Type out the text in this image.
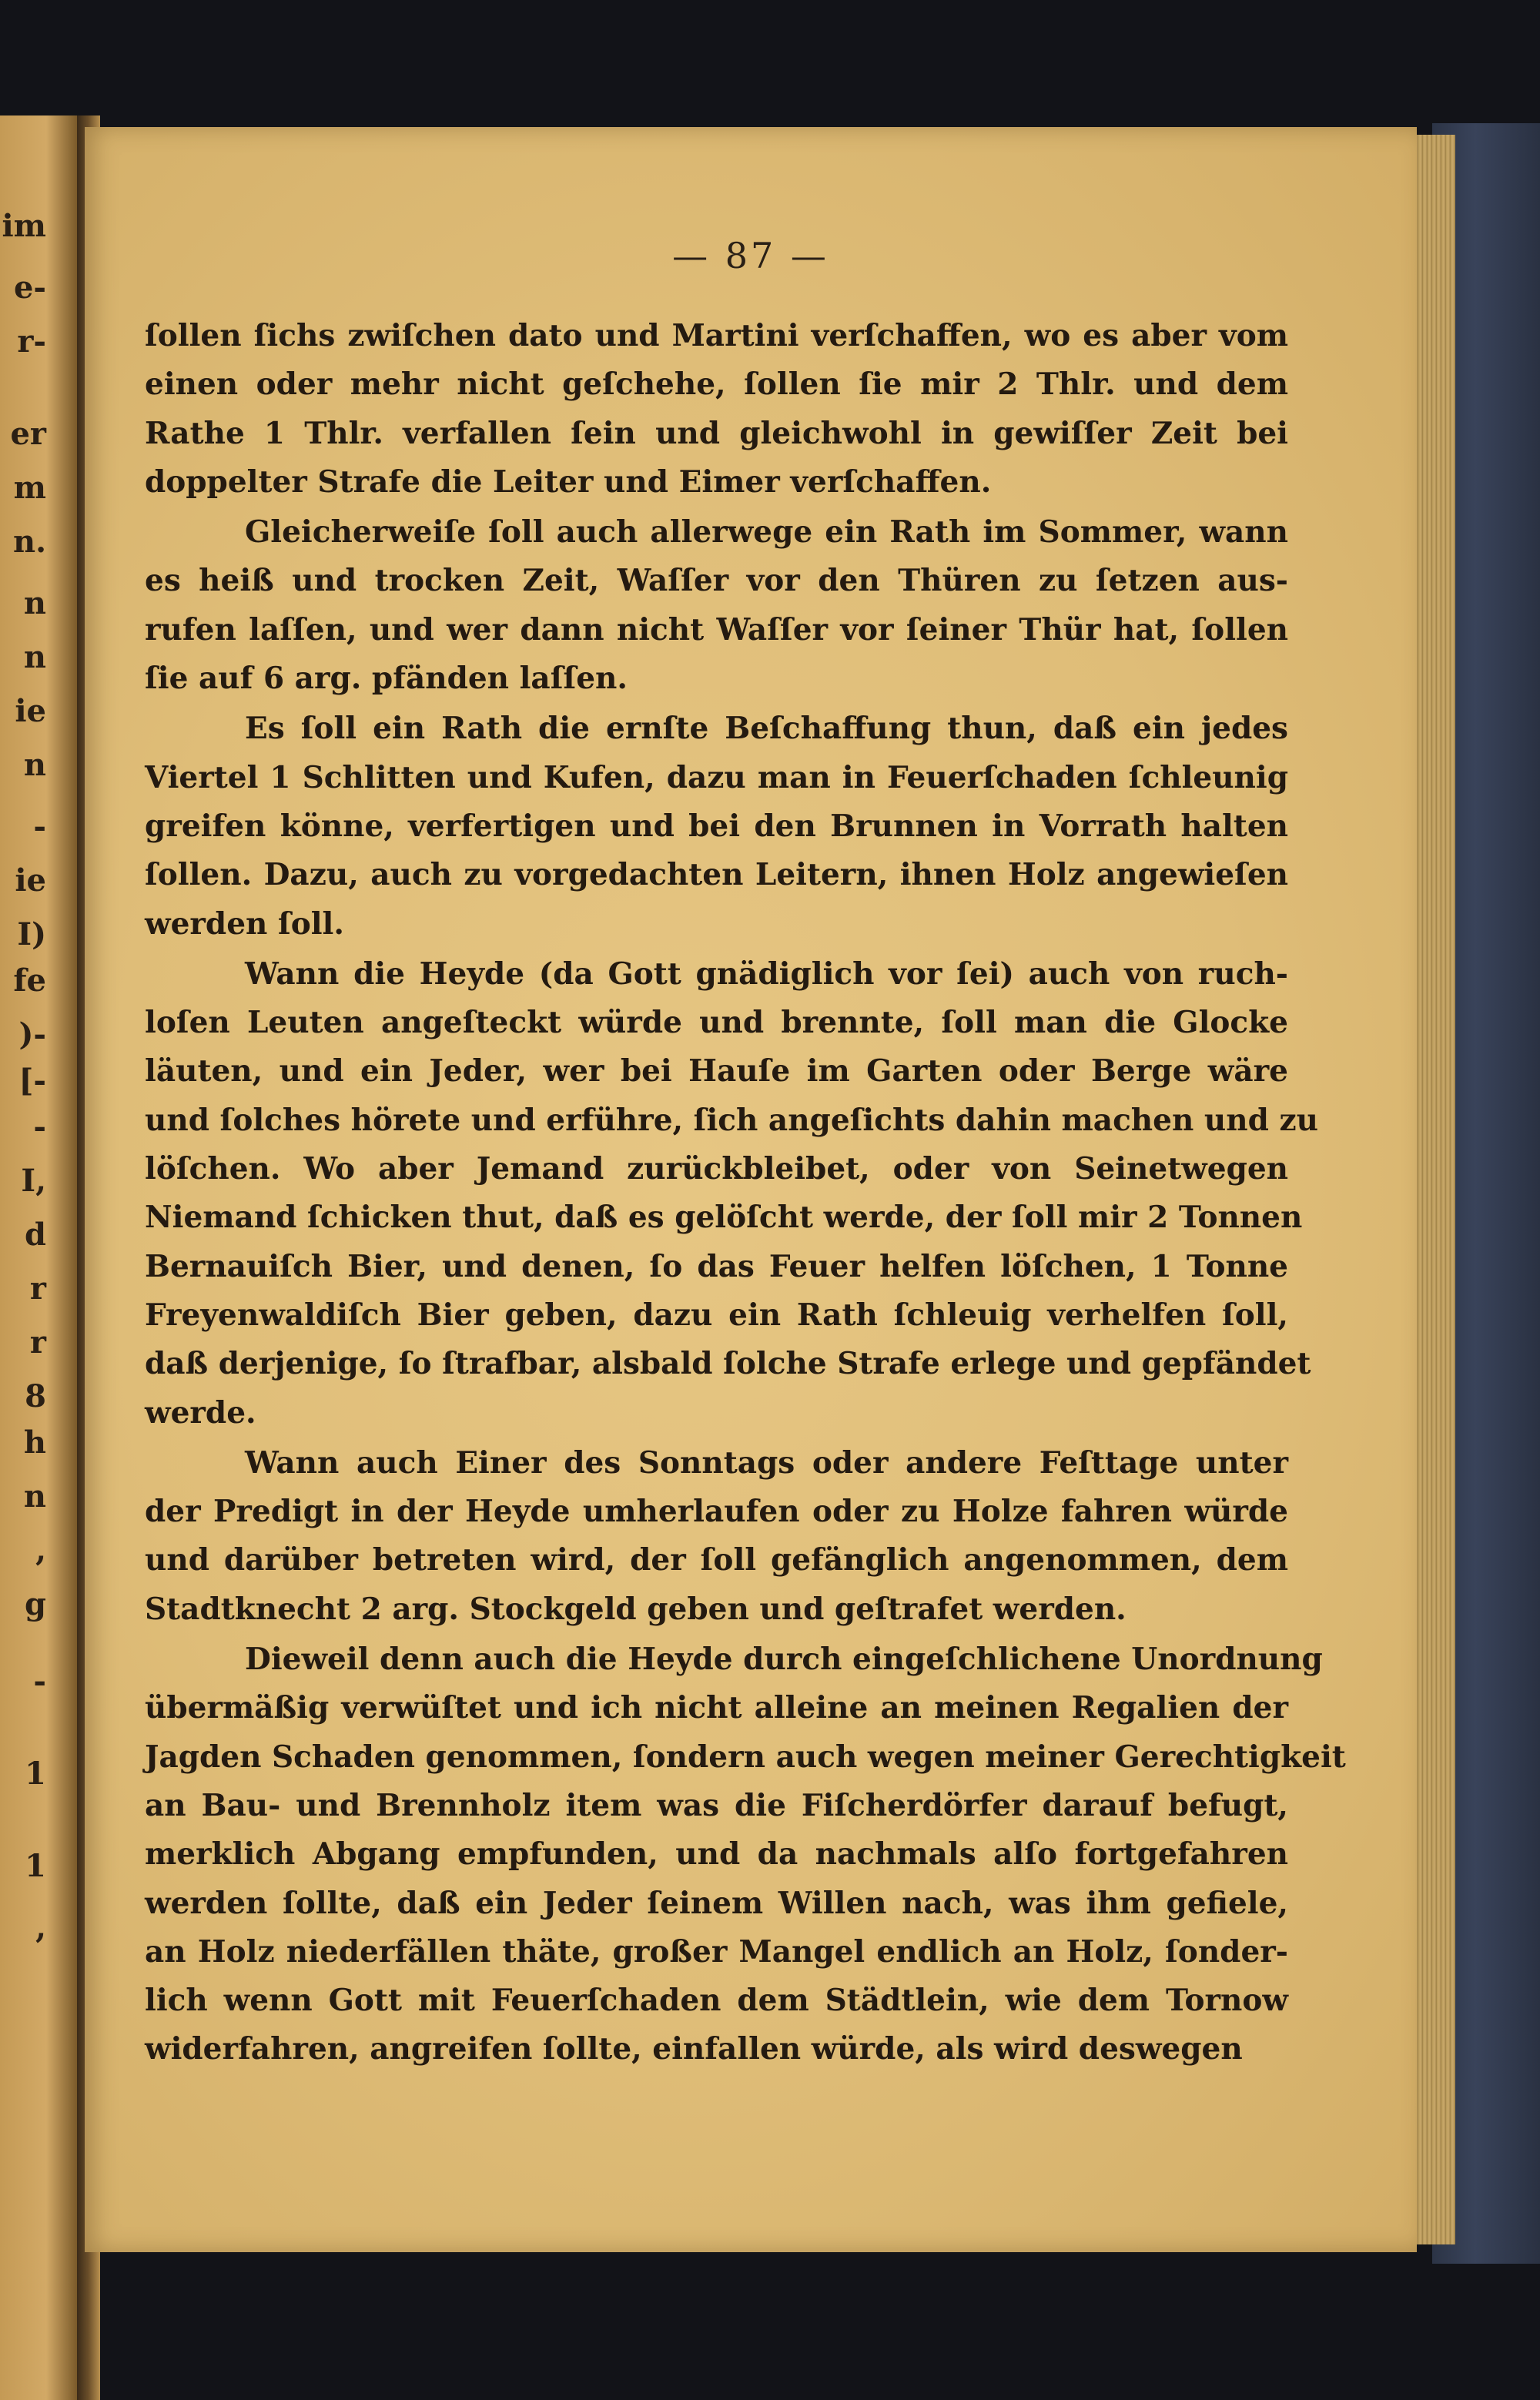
im
e-
r-
er
m
n.
n
n
ie
n
-
ie
I)
fe
)-
[-
-
I,
d
r
r
8
h
n
,
g
-
1
1
,
— 87 —
ſollen ſichs zwiſchen dato und Martini verſchaffen, wo es aber vom
einen oder mehr nicht geſchehe, ſollen ſie mir 2 Thlr. und dem
Rathe 1 Thlr. verfallen ſein und gleichwohl in gewiſſer Zeit bei
doppelter Strafe die Leiter und Eimer verſchaffen.
Gleicherweiſe ſoll auch allerwege ein Rath im Sommer, wann
es heiß und trocken Zeit, Waſſer vor den Thüren zu ſetzen aus-
rufen laſſen, und wer dann nicht Waſſer vor ſeiner Thür hat, ſollen
ſie auf 6 arg. pfänden laſſen.
Es ſoll ein Rath die ernſte Beſchaffung thun, daß ein jedes
Viertel 1 Schlitten und Kufen, dazu man in Feuerſchaden ſchleunig
greifen könne, verfertigen und bei den Brunnen in Vorrath halten
ſollen. Dazu, auch zu vorgedachten Leitern, ihnen Holz angewieſen
werden ſoll.
Wann die Heyde (da Gott gnädiglich vor ſei) auch von ruch-
loſen Leuten angeſteckt würde und brennte, ſoll man die Glocke
läuten, und ein Jeder, wer bei Hauſe im Garten oder Berge wäre
und ſolches hörete und erführe, ſich angeſichts dahin machen und zu
löſchen. Wo aber Jemand zurückbleibet, oder von Seinetwegen
Niemand ſchicken thut, daß es gelöſcht werde, der ſoll mir 2 Tonnen
Bernauiſch Bier, und denen, ſo das Feuer helfen löſchen, 1 Tonne
Freyenwaldiſch Bier geben, dazu ein Rath ſchleuig verhelfen ſoll,
daß derjenige, ſo ſtrafbar, alsbald ſolche Strafe erlege und gepfändet
werde.
Wann auch Einer des Sonntags oder andere Feſttage unter
der Predigt in der Heyde umherlaufen oder zu Holze fahren würde
und darüber betreten wird, der ſoll gefänglich angenommen, dem
Stadtknecht 2 arg. Stockgeld geben und geſtrafet werden.
Dieweil denn auch die Heyde durch eingeſchlichene Unordnung
übermäßig verwüſtet und ich nicht alleine an meinen Regalien der
Jagden Schaden genommen, ſondern auch wegen meiner Gerechtigkeit
an Bau- und Brennholz item was die Fiſcherdörfer darauf befugt,
merklich Abgang empfunden, und da nachmals alſo fortgefahren
werden ſollte, daß ein Jeder ſeinem Willen nach, was ihm gefiele,
an Holz niederfällen thäte, großer Mangel endlich an Holz, ſonder-
lich wenn Gott mit Feuerſchaden dem Städtlein, wie dem Tornow
widerfahren, angreifen ſollte, einfallen würde, als wird deswegen
